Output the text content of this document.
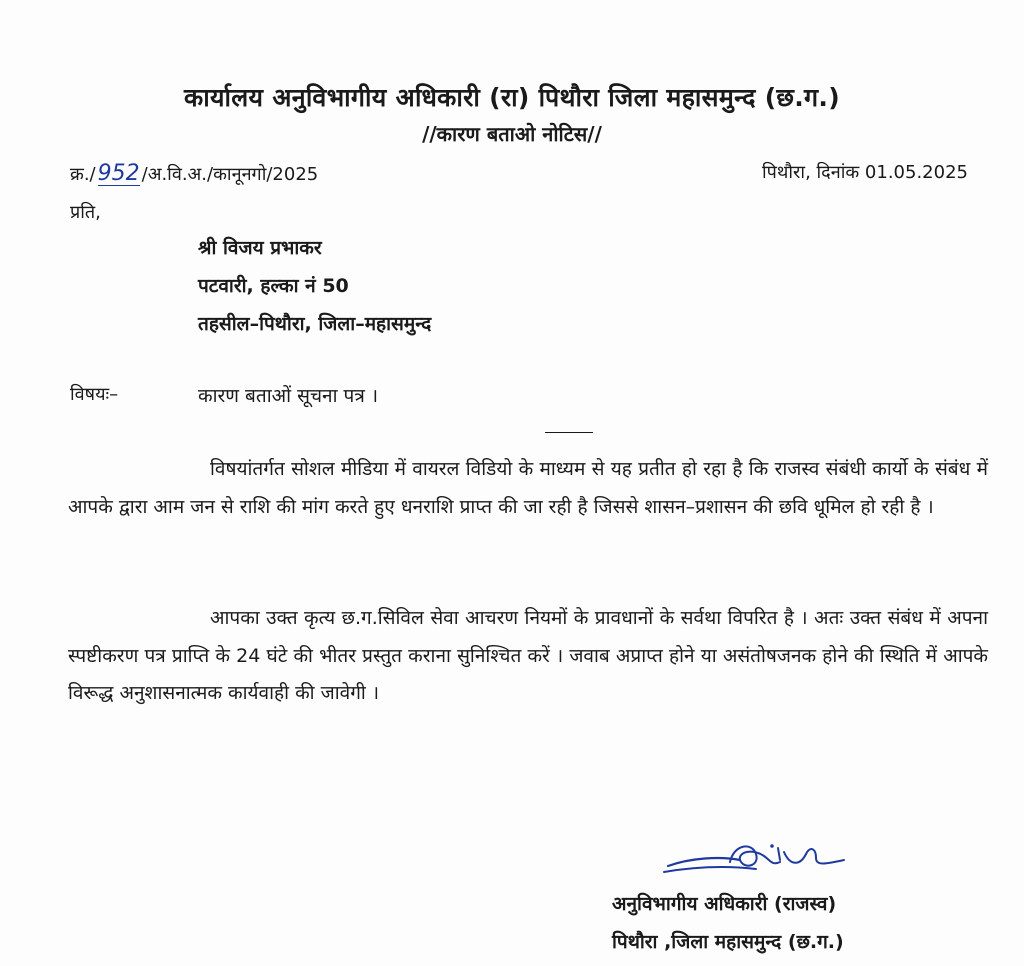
कार्यालय अनुविभागीय अधिकारी (रा) पिथौरा जिला महासमुन्द (छ.ग.)
//कारण बताओ नोटिस//
क्र./ 952 /अ.वि.अ./कानूनगो/2025	पिथौरा, दिनांक 01.05.2025
प्रति,
श्री विजय प्रभाकर
पटवारी, हल्का नं 50
तहसील–पिथौरा, जिला–महासमुन्द
विषयः–	कारण बताओं सूचना पत्र ।
विषयांतर्गत सोशल मीडिया में वायरल विडियो के माध्यम से यह प्रतीत हो रहा है कि राजस्व संबंधी कार्यो के संबंध में आपके द्वारा आम जन से राशि की मांग करते हुए धनराशि प्राप्त की जा रही है जिससे शासन–प्रशासन की छवि धूमिल हो रही है ।
आपका उक्त कृत्य छ.ग.सिविल सेवा आचरण नियमों के प्रावधानों के सर्वथा विपरित है । अतः उक्त संबंध में अपना स्पष्टीकरण पत्र प्राप्ति के 24 घंटे की भीतर प्रस्तुत कराना सुनिश्चित करें । जवाब अप्राप्त होने या असंतोषजनक होने की स्थिति में आपके विरूद्ध अनुशासनात्मक कार्यवाही की जावेगी ।
अनुविभागीय अधिकारी (राजस्व)
पिथौरा ,जिला महासमुन्द (छ.ग.)
